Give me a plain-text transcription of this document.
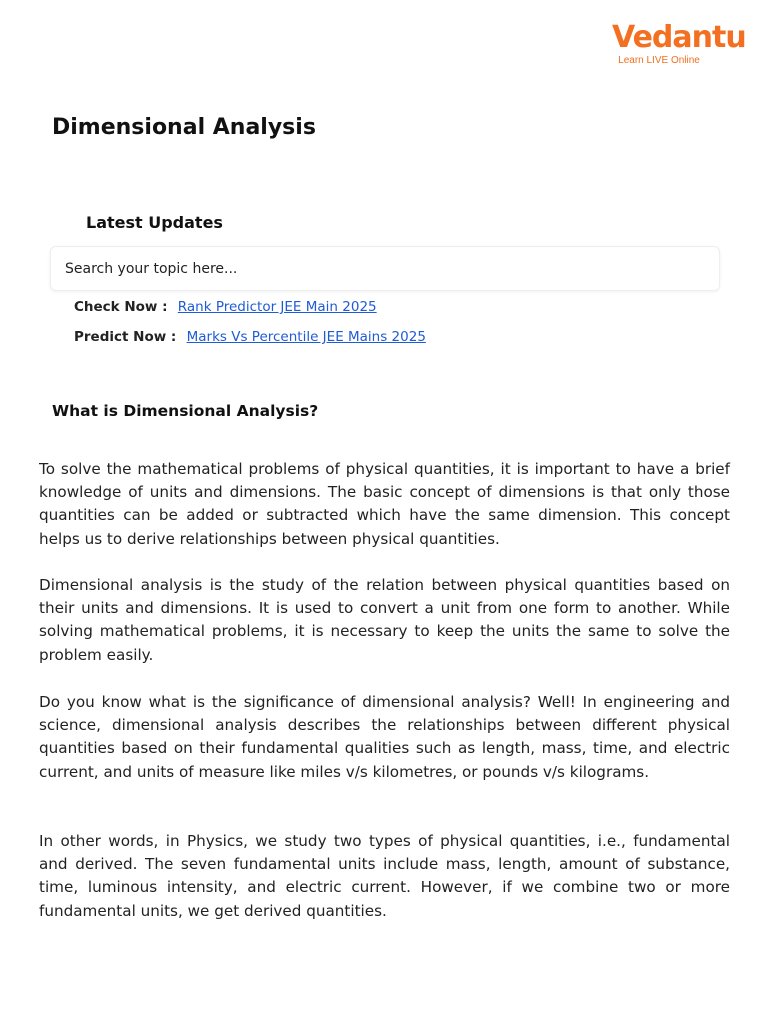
Vedantu
Learn LIVE Online
Dimensional Analysis
Latest Updates
Search your topic here...
Check Now : Rank Predictor JEE Main 2025
Predict Now : Marks Vs Percentile JEE Mains 2025
What is Dimensional Analysis?

To solve the mathematical problems of physical quantities, it is important to have a brief knowledge of units and dimensions. The basic concept of dimensions is that only those quantities can be added or subtracted which have the same dimension. This concept helps us to derive relationships between physical quantities.

Dimensional analysis is the study of the relation between physical quantities based on their units and dimensions. It is used to convert a unit from one form to another. While solving mathematical problems, it is necessary to keep the units the same to solve the problem easily.

Do you know what is the significance of dimensional analysis? Well! In engineering and science, dimensional analysis describes the relationships between different physical quantities based on their fundamental qualities such as length, mass, time, and electric current, and units of measure like miles v/s kilometres, or pounds v/s kilograms.

In other words, in Physics, we study two types of physical quantities, i.e., fundamental and derived. The seven fundamental units include mass, length, amount of substance, time, luminous intensity, and electric current. However, if we combine two or more fundamental units, we get derived quantities.
